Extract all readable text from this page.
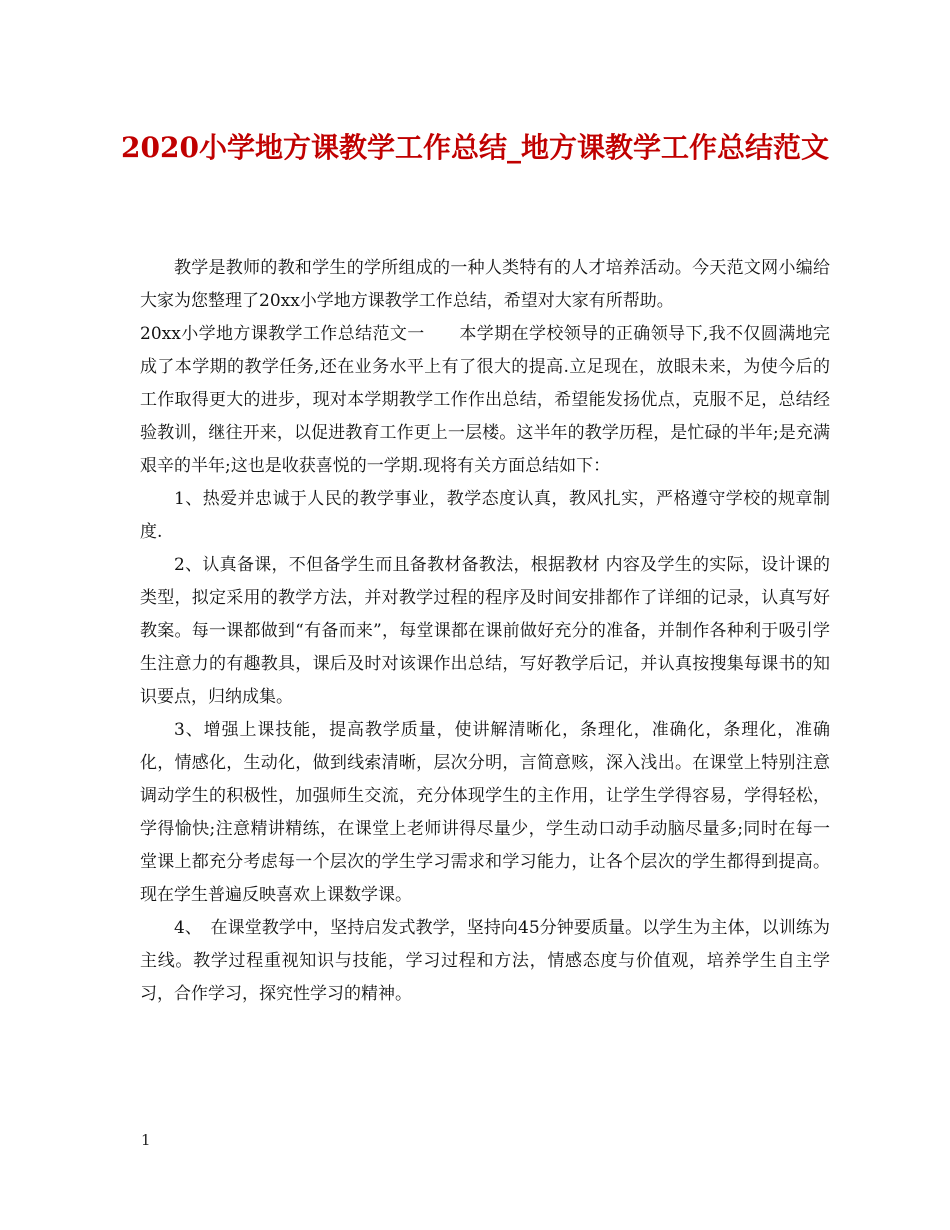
2020小学地方课教学工作总结_地方课教学工作总结范文

教学是教师的教和学生的学所组成的一种人类特有的人才培养活动。今天范文网小编给大家为您整理了20xx小学地方课教学工作总结，希望对大家有所帮助。

20xx小学地方课教学工作总结范文一　　本学期在学校领导的正确领导下,我不仅圆满地完成了本学期的教学任务,还在业务水平上有了很大的提高.立足现在，放眼未来，为使今后的工作取得更大的进步，现对本学期教学工作作出总结，希望能发扬优点，克服不足，总结经验教训，继往开来，以促进教育工作更上一层楼。这半年的教学历程，是忙碌的半年;是充满艰辛的半年;这也是收获喜悦的一学期.现将有关方面总结如下：

1、热爱并忠诚于人民的教学事业，教学态度认真，教风扎实，严格遵守学校的规章制度.

2、认真备课，不但备学生而且备教材备教法，根据教材 内容及学生的实际，设计课的类型，拟定采用的教学方法，并对教学过程的程序及时间安排都作了详细的记录，认真写好教案。每一课都做到“有备而来”，每堂课都在课前做好充分的准备，并制作各种利于吸引学生注意力的有趣教具，课后及时对该课作出总结，写好教学后记，并认真按搜集每课书的知识要点，归纳成集。

3、增强上课技能，提高教学质量，使讲解清晰化，条理化，准确化，条理化，准确化，情感化，生动化，做到线索清晰，层次分明，言简意赅，深入浅出。在课堂上特别注意调动学生的积极性，加强师生交流，充分体现学生的主作用，让学生学得容易，学得轻松，学得愉快;注意精讲精练，在课堂上老师讲得尽量少，学生动口动手动脑尽量多;同时在每一堂课上都充分考虑每一个层次的学生学习需求和学习能力，让各个层次的学生都得到提高。现在学生普遍反映喜欢上课数学课。

4、　在课堂教学中，坚持启发式教学，坚持向45分钟要质量。以学生为主体，以训练为主线。教学过程重视知识与技能，学习过程和方法，情感态度与价值观，培养学生自主学习，合作学习，探究性学习的精神。

1
